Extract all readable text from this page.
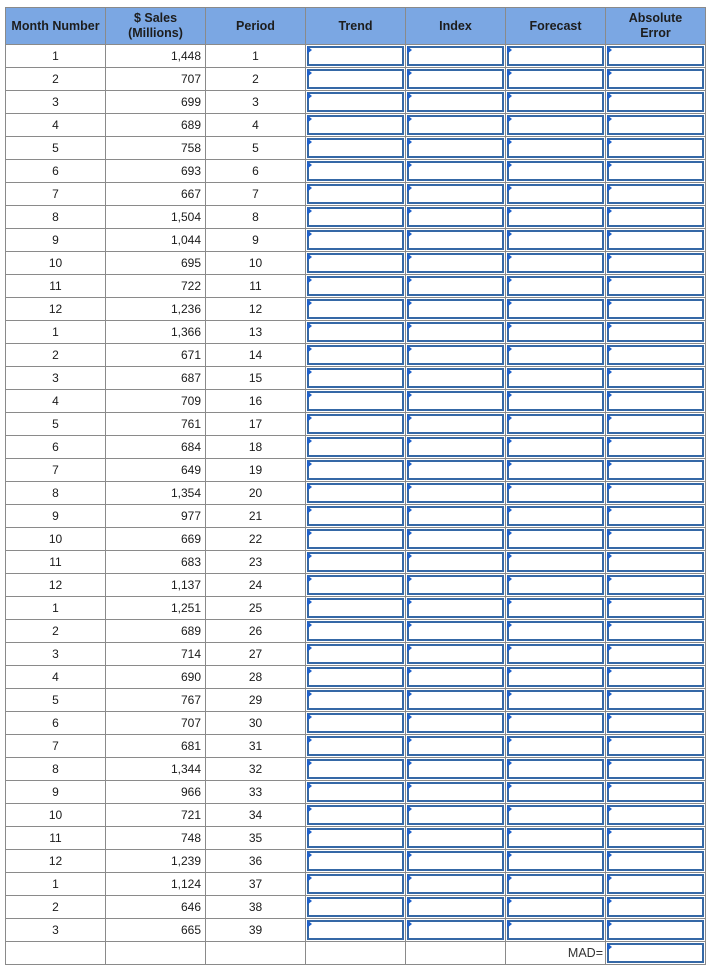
Month Number	$ Sales
(Millions)	Period	Trend	Index	Forecast	Absolute
Error
1	1,448	1	

2	707	2	

3	699	3	

4	689	4	

5	758	5	

6	693	6	

7	667	7	

8	1,504	8	

9	1,044	9	

10	695	10	

11	722	11	

12	1,236	12	

1	1,366	13	

2	671	14	

3	687	15	

4	709	16	

5	761	17	

6	684	18	

7	649	19	

8	1,354	20	

9	977	21	

10	669	22	

11	683	23	

12	1,137	24	

1	1,251	25	

2	689	26	

3	714	27	

4	690	28	

5	767	29	

6	707	30	

7	681	31	

8	1,344	32	

9	966	33	

10	721	34	

11	748	35	

12	1,239	36	

1	1,124	37	

2	646	38	

3	665	39	

					MAD=	
